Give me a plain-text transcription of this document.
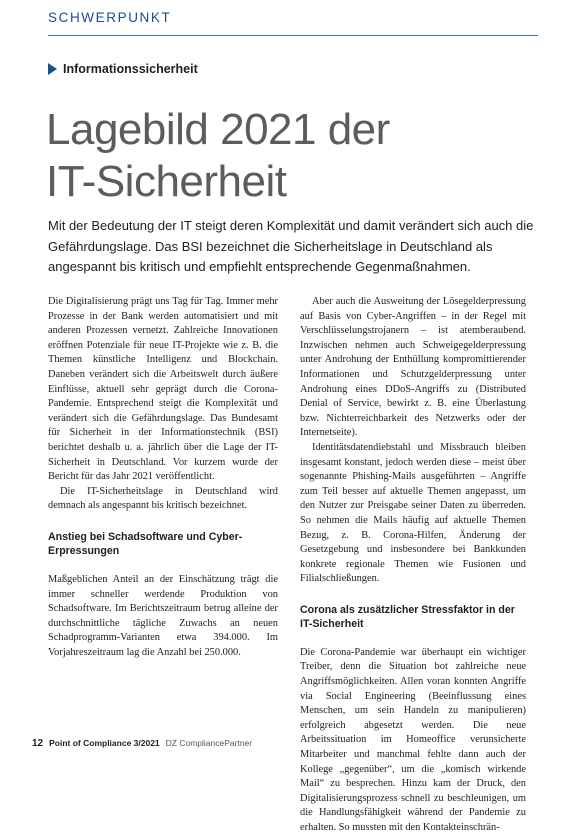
SCHWERPUNKT
Informationssicherheit
Lagebild 2021 der
IT-Sicherheit

Mit der Bedeutung der IT steigt deren Komplexität und damit verändert sich auch die Gefährdungslage. Das BSI bezeichnet die Sicherheitslage in Deutschland als angespannt bis kritisch und empfiehlt entsprechende Gegenmaßnahmen.

Die Digitalisierung prägt uns Tag für Tag. Immer mehr Prozesse in der Bank werden automatisiert und mit anderen Prozessen vernetzt. Zahlreiche Innovationen eröffnen Potenziale für neue IT-Projekte wie z. B. die Themen künstliche Intelligenz und Blockchain. Daneben verändert sich die Arbeitswelt durch äußere Einflüsse, aktuell sehr geprägt durch die Corona-Pandemie. Entsprechend steigt die Komplexität und verändert sich die Gefährdungslage. Das Bundesamt für Sicherheit in der Informationstechnik (BSI) berichtet deshalb u. a. jährlich über die Lage der IT-Sicherheit in Deutschland. Vor kurzem wurde der Bericht für das Jahr 2021 veröffentlicht.

Die IT-Sicherheitslage in Deutschland wird demnach als angespannt bis kritisch bezeichnet.

Anstieg bei Schadsoftware und Cyber-Erpressungen

Maßgeblichen Anteil an der Einschätzung trägt die immer schneller werdende Produktion von Schadsoftware. Im Berichtszeitraum betrug alleine der durchschnittliche tägliche Zuwachs an neuen Schadprogramm-Varianten etwa 394.000. Im Vorjahreszeitraum lag die Anzahl bei 250.000.

Aber auch die Ausweitung der Lösegelderpressung auf Basis von Cyber-Angriffen – in der Regel mit Verschlüsselungstrojanern – ist atemberaubend. Inzwischen nehmen auch Schweigegelderpressung unter Androhung der Enthüllung kompromittierender Informationen und Schutzgelderpressung unter Androhung eines DDoS-Angriffs zu (Distributed Denial of Service, bewirkt z. B. eine Überlastung bzw. Nichterreichbarkeit des Netzwerks oder der Internetseite).

Identitätsdatendiebstahl und Missbrauch bleiben insgesamt konstant, jedoch werden diese – meist über sogenannte Phishing-Mails ausgeführten – Angriffe zum Teil besser auf aktuelle Themen angepasst, um den Nutzer zur Preisgabe seiner Daten zu überreden. So nehmen die Mails häufig auf aktuelle Themen Bezug, z. B. Corona-Hilfen, Änderung der Gesetzgebung und insbesondere bei Bankkunden konkrete regionale Themen wie Fusionen und Filialschließungen.

Corona als zusätzlicher Stressfaktor in der IT-Sicherheit

Die Corona-Pandemie war überhaupt ein wichtiger Treiber, denn die Situation bot zahlreiche neue Angriffsmöglichkeiten. Allen voran konnten Angriffe via Social Engineering (Beeinflussung eines Menschen, um sein Handeln zu manipulieren) erfolgreich abgesetzt werden. Die neue Arbeitssituation im Homeoffice verunsicherte Mitarbeiter und manchmal fehlte dann auch der Kollege „gegenüber“, um die „komisch wirkende Mail“ zu besprechen. Hinzu kam der Druck, den Digitalisierungsprozess schnell zu beschleunigen, um die Handlungsfähigkeit während der Pandemie zu erhalten. So mussten mit den Kontakteinschrän-

12 Point of Compliance 3/2021 DZ CompliancePartner
